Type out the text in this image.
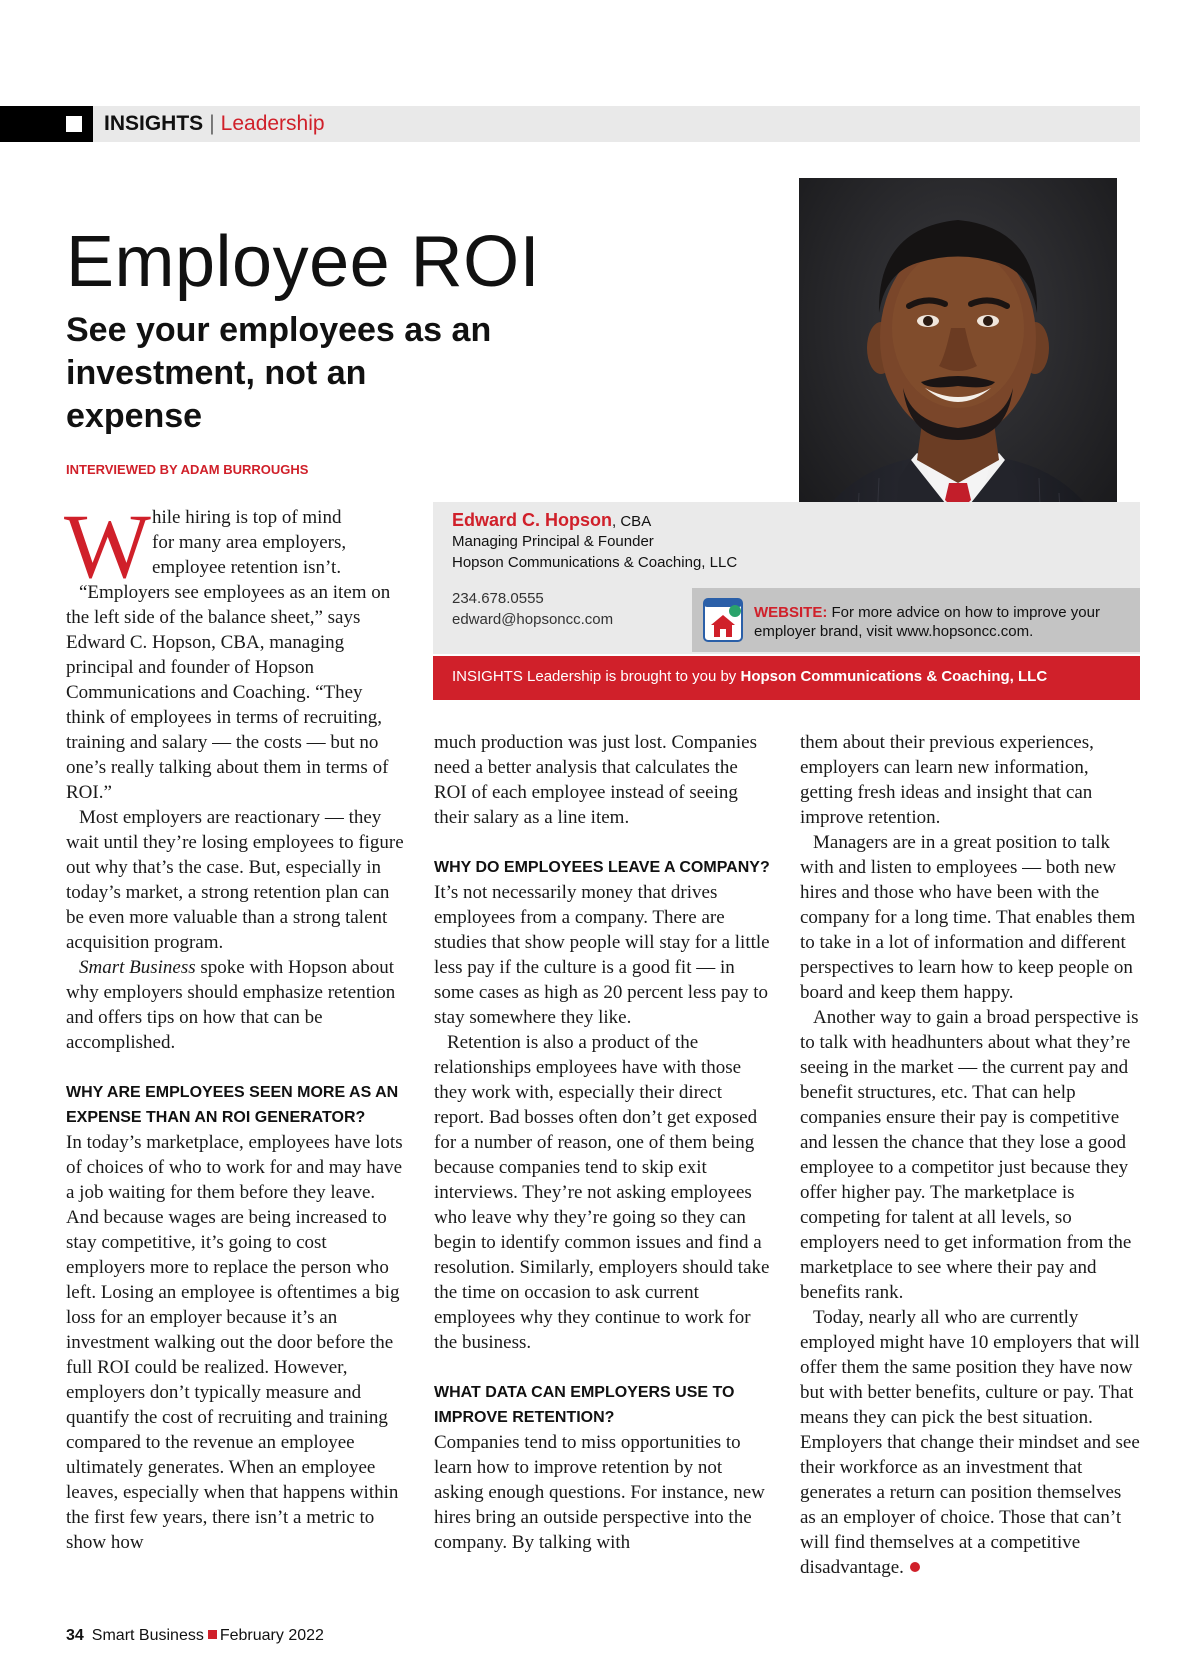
INSIGHTS | Leadership
Employee ROI
See your employees as an investment, not an expense
INTERVIEWED BY ADAM BURROUGHS
Edward C. Hopson, CBA
Managing Principal & Founder
Hopson Communications & Coaching, LLC
234.678.0555
edward@hopsoncc.com	WEBSITE: For more advice on how to improve your employer brand, visit www.hopsoncc.com.
INSIGHTS Leadership is brought to you by Hopson Communications & Coaching, LLC
W hile hiring is top of mind

for many area employers,

employee retention isn’t.

“Employers see employees as an item on the left side of the balance sheet,” says Edward C. Hopson, CBA, managing principal and founder of Hopson Communications and Coaching. “They think of employees in terms of recruiting, training and salary — the costs — but no one’s really talking about them in terms of ROI.”

Most employers are reactionary — they wait until they’re losing employees to figure out why that’s the case. But, especially in today’s market, a strong retention plan can be even more valuable than a strong talent acquisition program.

Smart Business spoke with Hopson about why employers should emphasize retention and offers tips on how that can be accomplished.

WHY ARE EMPLOYEES SEEN MORE AS AN EXPENSE THAN AN ROI GENERATOR?

In today’s marketplace, employees have lots of choices of who to work for and may have a job waiting for them before they leave. And because wages are being increased to stay competitive, it’s going to cost employers more to replace the person who left. Losing an employee is oftentimes a big loss for an employer because it’s an investment walking out the door before the full ROI could be realized. However, employers don’t typically measure and quantify the cost of recruiting and training compared to the revenue an employee ultimately generates. When an employee leaves, especially when that happens within the first few years, there isn’t a metric to show how

much production was just lost. Companies need a better analysis that calculates the ROI of each employee instead of seeing their salary as a line item.

WHY DO EMPLOYEES LEAVE A COMPANY?

It’s not necessarily money that drives employees from a company. There are studies that show people will stay for a little less pay if the culture is a good fit — in some cases as high as 20 percent less pay to stay somewhere they like.

Retention is also a product of the relationships employees have with those they work with, especially their direct report. Bad bosses often don’t get exposed for a number of reason, one of them being because companies tend to skip exit interviews. They’re not asking employees who leave why they’re going so they can begin to identify common issues and find a resolution. Similarly, employers should take the time on occasion to ask current employees why they continue to work for the business.

WHAT DATA CAN EMPLOYERS USE TO IMPROVE RETENTION?

Companies tend to miss opportunities to learn how to improve retention by not asking enough questions. For instance, new hires bring an outside perspective into the company. By talking with

them about their previous experiences, employers can learn new information, getting fresh ideas and insight that can improve retention.

Managers are in a great position to talk with and listen to employees — both new hires and those who have been with the company for a long time. That enables them to take in a lot of information and different perspectives to learn how to keep people on board and keep them happy.

Another way to gain a broad perspective is to talk with headhunters about what they’re seeing in the market — the current pay and benefit structures, etc. That can help companies ensure their pay is competitive and lessen the chance that they lose a good employee to a competitor just because they offer higher pay. The marketplace is competing for talent at all levels, so employers need to get information from the marketplace to see where their pay and benefits rank.

Today, nearly all who are currently employed might have 10 employers that will offer them the same position they have now but with better benefits, culture or pay. That means they can pick the best situation. Employers that change their mindset and see their workforce as an investment that generates a return can position themselves as an employer of choice. Those that can’t will find themselves at a competitive disadvantage.

34 Smart Business February 2022
